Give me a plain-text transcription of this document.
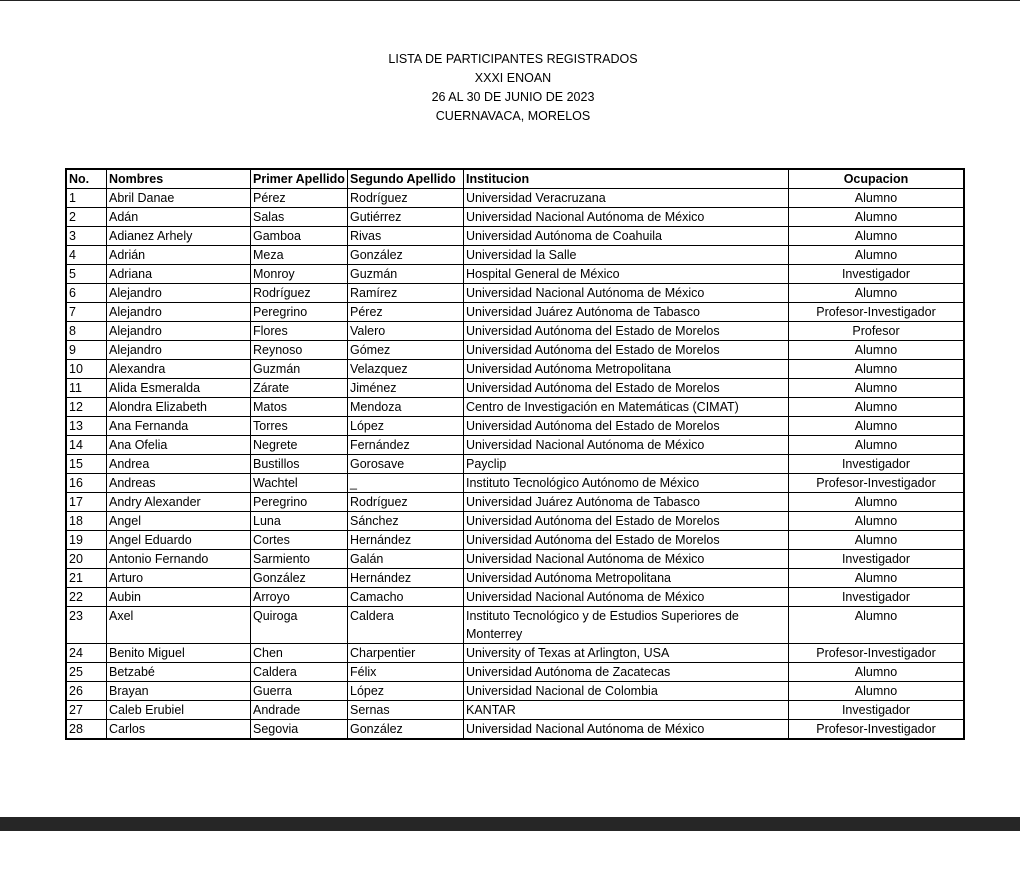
LISTA DE PARTICIPANTES REGISTRADOS
XXXI ENOAN
26 AL 30 DE JUNIO DE 2023
CUERNAVACA, MORELOS
No.	Nombres	Primer Apellido	Segundo Apellido	Institucion	Ocupacion
1	Abril Danae	Pérez	Rodríguez	Universidad Veracruzana	Alumno
2	Adán	Salas	Gutiérrez	Universidad Nacional Autónoma de México	Alumno
3	Adianez Arhely	Gamboa	Rivas	Universidad Autónoma de Coahuila	Alumno
4	Adrián	Meza	González	Universidad la Salle	Alumno
5	Adriana	Monroy	Guzmán	Hospital General de México	Investigador
6	Alejandro	Rodríguez	Ramírez	Universidad Nacional Autónoma de México	Alumno
7	Alejandro	Peregrino	Pérez	Universidad Juárez Autónoma de Tabasco	Profesor-Investigador
8	Alejandro	Flores	Valero	Universidad Autónoma del Estado de Morelos	Profesor
9	Alejandro	Reynoso	Gómez	Universidad Autónoma del Estado de Morelos	Alumno
10	Alexandra	Guzmán	Velazquez	Universidad Autónoma Metropolitana	Alumno
11	Alida Esmeralda	Zárate	Jiménez	Universidad Autónoma del Estado de Morelos	Alumno
12	Alondra Elizabeth	Matos	Mendoza	Centro de Investigación en Matemáticas (CIMAT)	Alumno
13	Ana Fernanda	Torres	López	Universidad Autónoma del Estado de Morelos	Alumno
14	Ana Ofelia	Negrete	Fernández	Universidad Nacional Autónoma de México	Alumno
15	Andrea	Bustillos	Gorosave	Payclip	Investigador
16	Andreas	Wachtel	_	Instituto Tecnológico Autónomo de México	Profesor-Investigador
17	Andry Alexander	Peregrino	Rodríguez	Universidad Juárez Autónoma de Tabasco	Alumno
18	Angel	Luna	Sánchez	Universidad Autónoma del Estado de Morelos	Alumno
19	Angel Eduardo	Cortes	Hernández	Universidad Autónoma del Estado de Morelos	Alumno
20	Antonio Fernando	Sarmiento	Galán	Universidad Nacional Autónoma de México	Investigador
21	Arturo	González	Hernández	Universidad Autónoma Metropolitana	Alumno
22	Aubin	Arroyo	Camacho	Universidad Nacional Autónoma de México	Investigador
23	Axel	Quiroga	Caldera	Instituto Tecnológico y de Estudios Superiores de Monterrey	Alumno
24	Benito Miguel	Chen	Charpentier	University of Texas at Arlington, USA	Profesor-Investigador
25	Betzabé	Caldera	Félix	Universidad Autónoma de Zacatecas	Alumno
26	Brayan	Guerra	López	Universidad Nacional de Colombia	Alumno
27	Caleb Erubiel	Andrade	Sernas	KANTAR	Investigador
28	Carlos	Segovia	González	Universidad Nacional Autónoma de México	Profesor-Investigador
